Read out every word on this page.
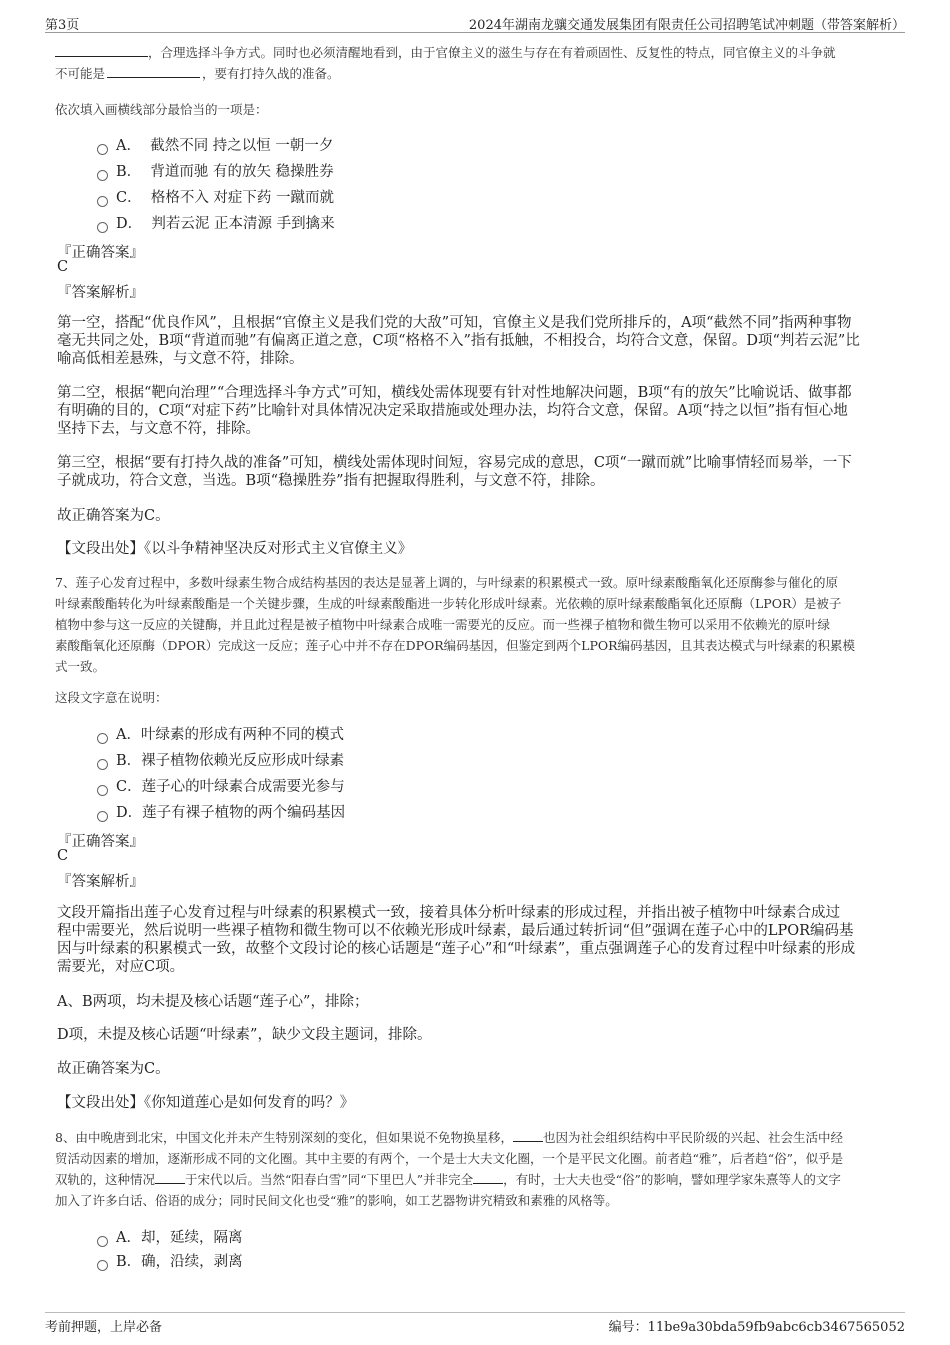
第3页	2024年湖南龙骧交通发展集团有限责任公司招聘笔试冲刺题（带答案解析）
，合理选择斗争方式。同时也必须清醒地看到，由于官僚主义的滋生与存在有着顽固性、反复性的特点，同官僚主义的斗争就
不可能是	，要有打持久战的准备。
依次填入画横线部分最恰当的一项是：
A． 截然不同 持之以恒 一朝一夕
B． 背道而驰 有的放矢 稳操胜券
C． 格格不入 对症下药 一蹴而就
D． 判若云泥 正本清源 手到擒来
『正确答案』
C
『答案解析』
第一空，搭配“优良作风”，且根据“官僚主义是我们党的大敌”可知，官僚主义是我们党所排斥的，A项“截然不同”指两种事物
毫无共同之处，B项“背道而驰”有偏离正道之意，C项“格格不入”指有抵触，不相投合，均符合文意，保留。D项“判若云泥”比
喻高低相差悬殊，与文意不符，排除。
第二空，根据“靶向治理”“合理选择斗争方式”可知，横线处需体现要有针对性地解决问题，B项“有的放矢”比喻说话、做事都
有明确的目的，C项“对症下药”比喻针对具体情况决定采取措施或处理办法，均符合文意，保留。A项“持之以恒”指有恒心地
坚持下去，与文意不符，排除。
第三空，根据“要有打持久战的准备”可知，横线处需体现时间短，容易完成的意思，C项“一蹴而就”比喻事情轻而易举，一下
子就成功，符合文意，当选。B项“稳操胜券”指有把握取得胜利，与文意不符，排除。
故正确答案为C。
【文段出处】《以斗争精神坚决反对形式主义官僚主义》
7、莲子心发育过程中，多数叶绿素生物合成结构基因的表达是显著上调的，与叶绿素的积累模式一致。原叶绿素酸酯氧化还原酶参与催化的原
叶绿素酸酯转化为叶绿素酸酯是一个关键步骤，生成的叶绿素酸酯进一步转化形成叶绿素。光依赖的原叶绿素酸酯氧化还原酶（LPOR）是被子
植物中参与这一反应的关键酶，并且此过程是被子植物中叶绿素合成唯一需要光的反应。而一些裸子植物和微生物可以采用不依赖光的原叶绿
素酸酯氧化还原酶（DPOR）完成这一反应；莲子心中并不存在DPOR编码基因，但鉴定到两个LPOR编码基因，且其表达模式与叶绿素的积累模
式一致。
这段文字意在说明：
A．叶绿素的形成有两种不同的模式
B．裸子植物依赖光反应形成叶绿素
C．莲子心的叶绿素合成需要光参与
D．莲子有裸子植物的两个编码基因
『正确答案』
C
『答案解析』
文段开篇指出莲子心发育过程与叶绿素的积累模式一致，接着具体分析叶绿素的形成过程，并指出被子植物中叶绿素合成过
程中需要光，然后说明一些裸子植物和微生物可以不依赖光形成叶绿素，最后通过转折词“但”强调在莲子心中的LPOR编码基
因与叶绿素的积累模式一致，故整个文段讨论的核心话题是“莲子心”和“叶绿素”，重点强调莲子心的发育过程中叶绿素的形成
需要光，对应C项。
A、B两项，均未提及核心话题“莲子心”，排除；
D项，未提及核心话题“叶绿素”，缺少文段主题词，排除。
故正确答案为C。
【文段出处】《你知道莲心是如何发育的吗？》
8、由中晚唐到北宋，中国文化并未产生特别深刻的变化，但如果说不免物换星移， 也因为社会组织结构中平民阶级的兴起、社会生活中经
贸活动因素的增加，逐渐形成不同的文化圈。其中主要的有两个，一个是士大夫文化圈，一个是平民文化圈。前者趋“雅”，后者趋“俗”，似乎是
双轨的，这种情况 于宋代以后。当然“阳春白雪”同“下里巴人”并非完全 ，有时，士大夫也受“俗”的影响，譬如理学家朱熹等人的文字
加入了许多白话、俗语的成分；同时民间文化也受“雅”的影响，如工艺器物讲究精致和素雅的风格等。
A．却，延续，隔离
B．确，沿续，剥离
考前押题，上岸必备	编号：11be9a30bda59fb9abc6cb3467565052
